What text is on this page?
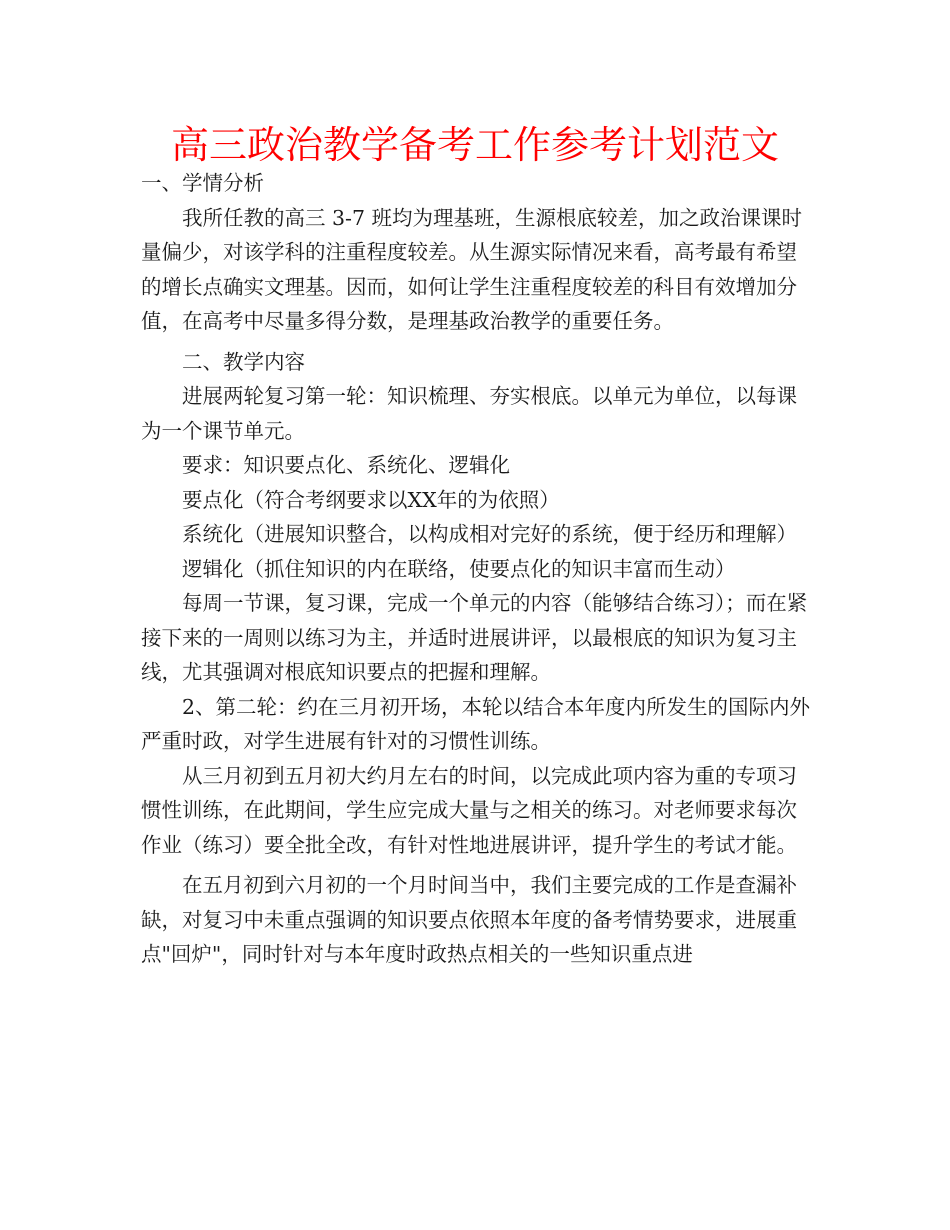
高三政治教学备考工作参考计划范文

一、学情分析

我所任教的高三 3-7 班均为理基班，生源根底较差，加之政治课课时量偏少，对该学科的注重程度较差。从生源实际情况来看，高考最有希望的增长点确实文理基。因而，如何让学生注重程度较差的科目有效增加分值，在高考中尽量多得分数，是理基政治教学的重要任务。

二、教学内容

进展两轮复习第一轮：知识梳理、夯实根底。以单元为单位，以每课为一个课节单元。

要求：知识要点化、系统化、逻辑化

要点化（符合考纲要求以XX年的为依照）

系统化（进展知识整合，以构成相对完好的系统，便于经历和理解）

逻辑化（抓住知识的内在联络，使要点化的知识丰富而生动）

每周一节课，复习课，完成一个单元的内容（能够结合练习）；而在紧接下来的一周则以练习为主，并适时进展讲评，以最根底的知识为复习主线，尤其强调对根底知识要点的把握和理解。

2、第二轮：约在三月初开场，本轮以结合本年度内所发生的国际内外严重时政，对学生进展有针对的习惯性训练。

从三月初到五月初大约月左右的时间，以完成此项内容为重的专项习惯性训练，在此期间，学生应完成大量与之相关的练习。对老师要求每次作业（练习）要全批全改，有针对性地进展讲评，提升学生的考试才能。

在五月初到六月初的一个月时间当中，我们主要完成的工作是查漏补缺，对复习中未重点强调的知识要点依照本年度的备考情势要求，进展重点"回炉"，同时针对与本年度时政热点相关的一些知识重点进
